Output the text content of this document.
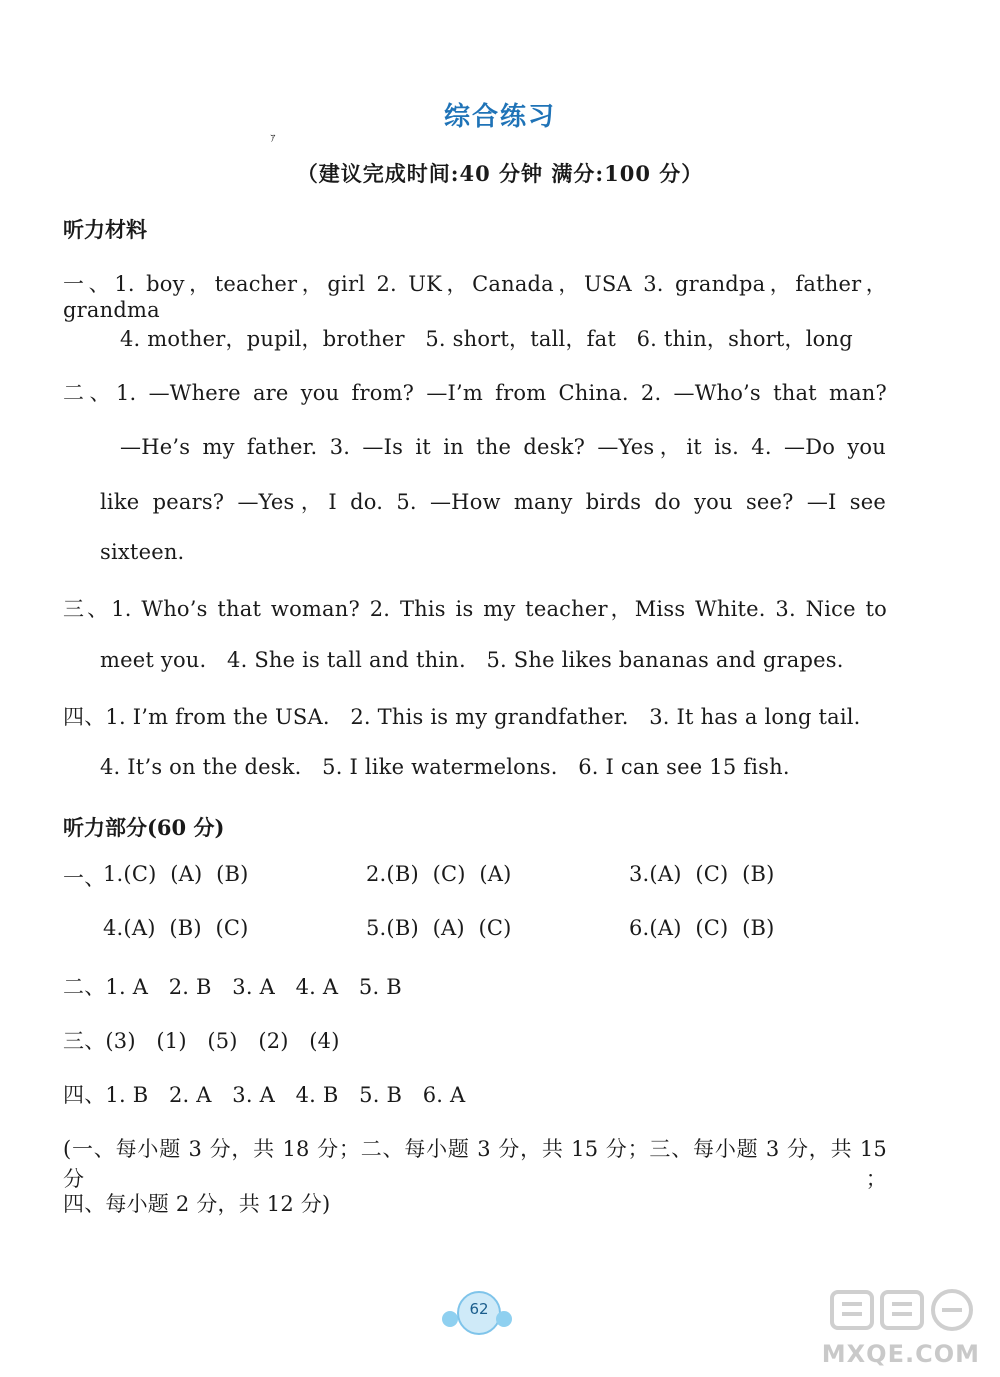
综合练习
ｧ
（建议完成时间:40 分钟 满分:100 分）
听力材料
一、1. boy，teacher，girl 2. UK，Canada，USA 3. grandpa，father，grandma
4. mother，pupil，brother   5. short，tall，fat   6. thin，short，long
二、1. —Where are you from? —I’m from China. 2. —Who’s that man?
—He’s my father. 3. —Is it in the desk? —Yes，it is. 4. —Do you
like pears? —Yes，I do. 5. —How many birds do you see? —I see
sixteen.
三、1. Who’s that woman? 2. This is my teacher，Miss White. 3. Nice to
meet you.   4. She is tall and thin.   5. She likes bananas and grapes.
四、1. I’m from the USA.   2. This is my grandfather.   3. It has a long tail.
4. It’s on the desk.   5. I like watermelons.   6. I can see 15 fish.
听力部分(60 分)
一、
1.(C)  (A)  (B)	2.(B)  (C)  (A)	3.(A)  (C)  (B)
4.(A)  (B)  (C)	5.(B)  (A)  (C)	6.(A)  (C)  (B)
二、1. A   2. B   3. A   4. A   5. B
三、(3)   (1)   (5)   (2)   (4)
四、1. B   2. A   3. A   4. B   5. B   6. A
(一、每小题 3 分，共 18 分；二、每小题 3 分，共 15 分；三、每小题 3 分，共 15 分；
四、每小题 2 分，共 12 分)
62
MXQE.COM
